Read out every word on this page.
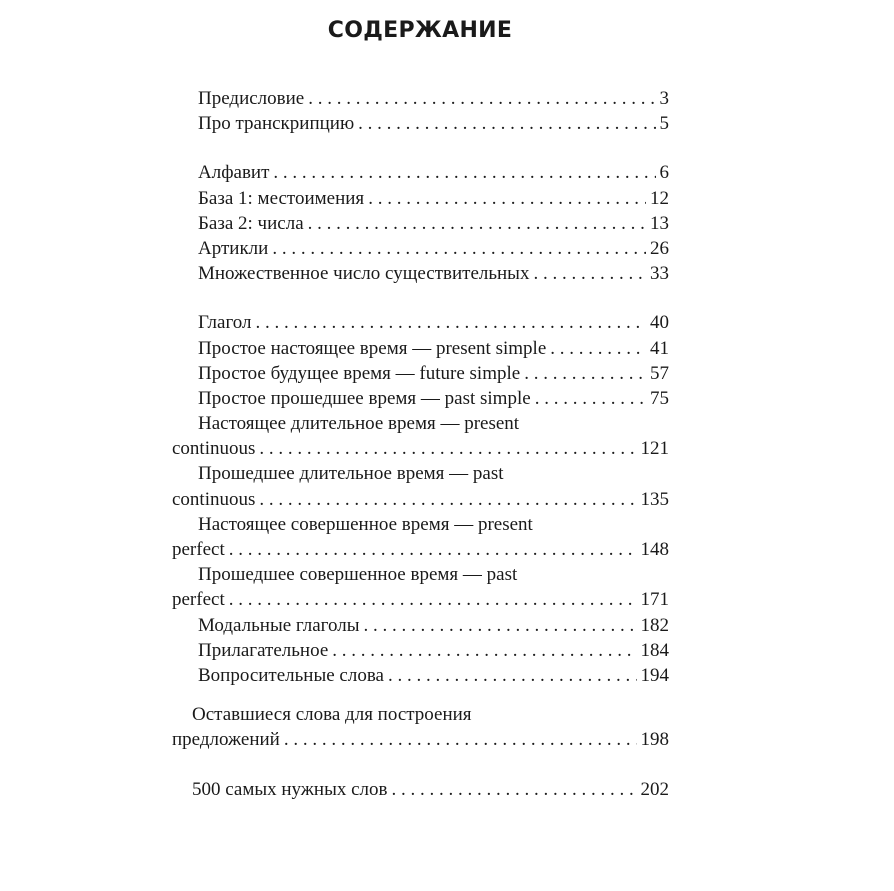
СОДЕРЖАНИЕ
Предисловие . . .	3
Про транскрипцию . . .	5
Алфавит . . .	6
База 1: местоимения . . .	12
База 2: числа . . .	13
Артикли . . .	26
Множественное число существительных . . .	33
Глагол . . .	40
Простое настоящее время — present simple . . .	41
Простое будущее время — future simple . . .	57
Простое прошедшее время — past simple . . .	75
Настоящее длительное время — present
continuous . . .	121
Прошедшее длительное время — past
continuous . . .	135
Настоящее совершенное время — present
perfect . . .	148
Прошедшее совершенное время — past
perfect . . .	171
Модальные глаголы . . .	182
Прилагательное . . .	184
Вопросительные слова . . .	194
Оставшиеся слова для построения
предложений . . .	198
500 самых нужных слов . . .	202
